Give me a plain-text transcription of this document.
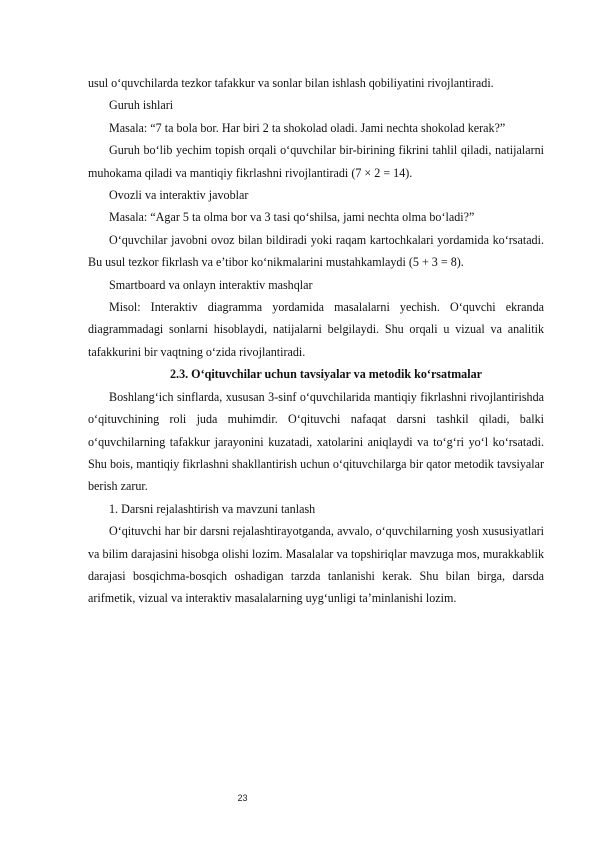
usul o‘quvchilarda tezkor tafakkur va sonlar bilan ishlash qobiliyatini rivojlantiradi.

Guruh ishlari

Masala: “7 ta bola bor. Har biri 2 ta shokolad oladi. Jami nechta shokolad kerak?”

Guruh bo‘lib yechim topish orqali o‘quvchilar bir-birining fikrini tahlil qiladi, natijalarni muhokama qiladi va mantiqiy fikrlashni rivojlantiradi (7 × 2 = 14).

Ovozli va interaktiv javoblar

Masala: “Agar 5 ta olma bor va 3 tasi qo‘shilsa, jami nechta olma bo‘ladi?”

O‘quvchilar javobni ovoz bilan bildiradi yoki raqam kartochkalari yordamida ko‘rsatadi. Bu usul tezkor fikrlash va e’tibor ko‘nikmalarini mustahkamlaydi (5 + 3 = 8).

Smartboard va onlayn interaktiv mashqlar

Misol: Interaktiv diagramma yordamida masalalarni yechish. O‘quvchi ekranda diagrammadagi sonlarni hisoblaydi, natijalarni belgilaydi. Shu orqali u vizual va analitik tafakkurini bir vaqtning o‘zida rivojlantiradi.

2.3. O‘qituvchilar uchun tavsiyalar va metodik ko‘rsatmalar

Boshlang‘ich sinflarda, xususan 3-sinf o‘quvchilarida mantiqiy fikrlashni rivojlantirishda o‘qituvchining roli juda muhimdir. O‘qituvchi nafaqat darsni tashkil qiladi, balki o‘quvchilarning tafakkur jarayonini kuzatadi, xatolarini aniqlaydi va to‘g‘ri yo‘l ko‘rsatadi. Shu bois, mantiqiy fikrlashni shakllantirish uchun o‘qituvchilarga bir qator metodik tavsiyalar berish zarur.

1. Darsni rejalashtirish va mavzuni tanlash

O‘qituvchi har bir darsni rejalashtirayotganda, avvalo, o‘quvchilarning yosh xususiyatlari va bilim darajasini hisobga olishi lozim. Masalalar va topshiriqlar mavzuga mos, murakkablik darajasi bosqichma-bosqich oshadigan tarzda tanlanishi kerak. Shu bilan birga, darsda arifmetik, vizual va interaktiv masalalarning uyg‘unligi ta’minlanishi lozim.

23
